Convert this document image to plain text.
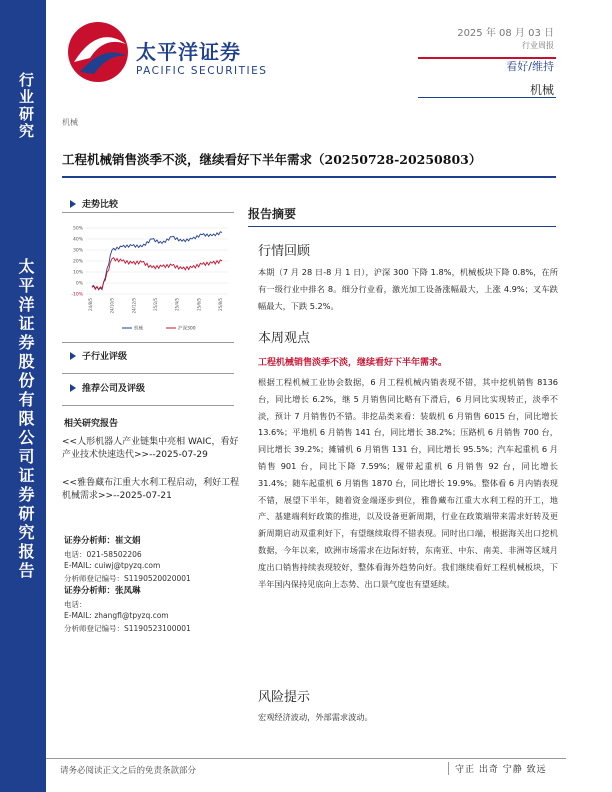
行业研究
太平洋证券股份有限公司证券研究报告
太平洋证券
PACIFIC SECURITIES
2025 年 08 月 03 日
行业周报
看好/维持
机械
机械
工程机械销售淡季不淡，继续看好下半年需求（20250728-20250803）
走势比较
-10%
0%
10%
20%
30%
40%
50%
24/8/5	24/10/5	24/12/5	25/2/5	25/4/5	25/6/5	25/8/5
机械	沪深300
子行业评级
推荐公司及评级
相关研究报告
<<人形机器人产业链集中亮相 WAIC，看好产业技术快速迭代>>--2025-07-29
<<雅鲁藏布江重大水利工程启动，利好工程机械需求>>--2025-07-21
证券分析师：崔文娟
电话：021-58502206
E-MAIL: cuiwj@tpyzq.com
分析师登记编号：S1190520020001
证券分析师：张凤琳
电话：
E-MAIL: zhangfl@tpyzq.com
分析师登记编号：S1190523100001
报告摘要
行情回顾
本期（7 月 28 日-8 月 1 日），沪深 300 下降 1.8%，机械板块下降 0.8%，在所有一级行业中排名 8。细分行业看，激光加工设备涨幅最大，上涨 4.9%；叉车跌幅最大，下跌 5.2%。
本周观点
工程机械销售淡季不淡，继续看好下半年需求。
根据工程机械工业协会数据，6 月工程机械内销表现不错，其中挖机销售 8136 台，同比增长 6.2%，继 5 月销售同比略有下滑后，6 月同比实现转正，淡季不淡，预计 7 月销售仍不错。非挖品类来看：装载机 6 月销售 6015 台，同比增长 13.6%；平地机 6 月销售 141 台，同比增长 38.2%；压路机 6 月销售 700 台，同比增长 39.2%；摊铺机 6 月销售 131 台，同比增长 95.5%；汽车起重机 6 月销售 901 台，同比下降 7.59%；履带起重机 6 月销售 92 台，同比增长 31.4%；随车起重机 6 月销售 1870 台，同比增长 19.9%。整体看 6 月内销表现不错，展望下半年，随着资金端逐步到位，雅鲁藏布江重大水利工程的开工，地产、基建端利好政策的推进，以及设备更新周期，行业在政策端带来需求好转及更新周期启动双重利好下，有望继续取得不错表现。同时出口端，根据海关出口挖机数据，今年以来，欧洲市场需求在边际好转，东南亚、中东、南美、非洲等区域月度出口销售持续表现较好，整体看海外趋势向好。我们继续看好工程机械板块，下半年国内保持见底向上态势、出口景气度也有望延续。
风险提示
宏观经济波动，外部需求波动。
请务必阅读正文之后的免责条款部分	守正 出奇 宁静 致远
